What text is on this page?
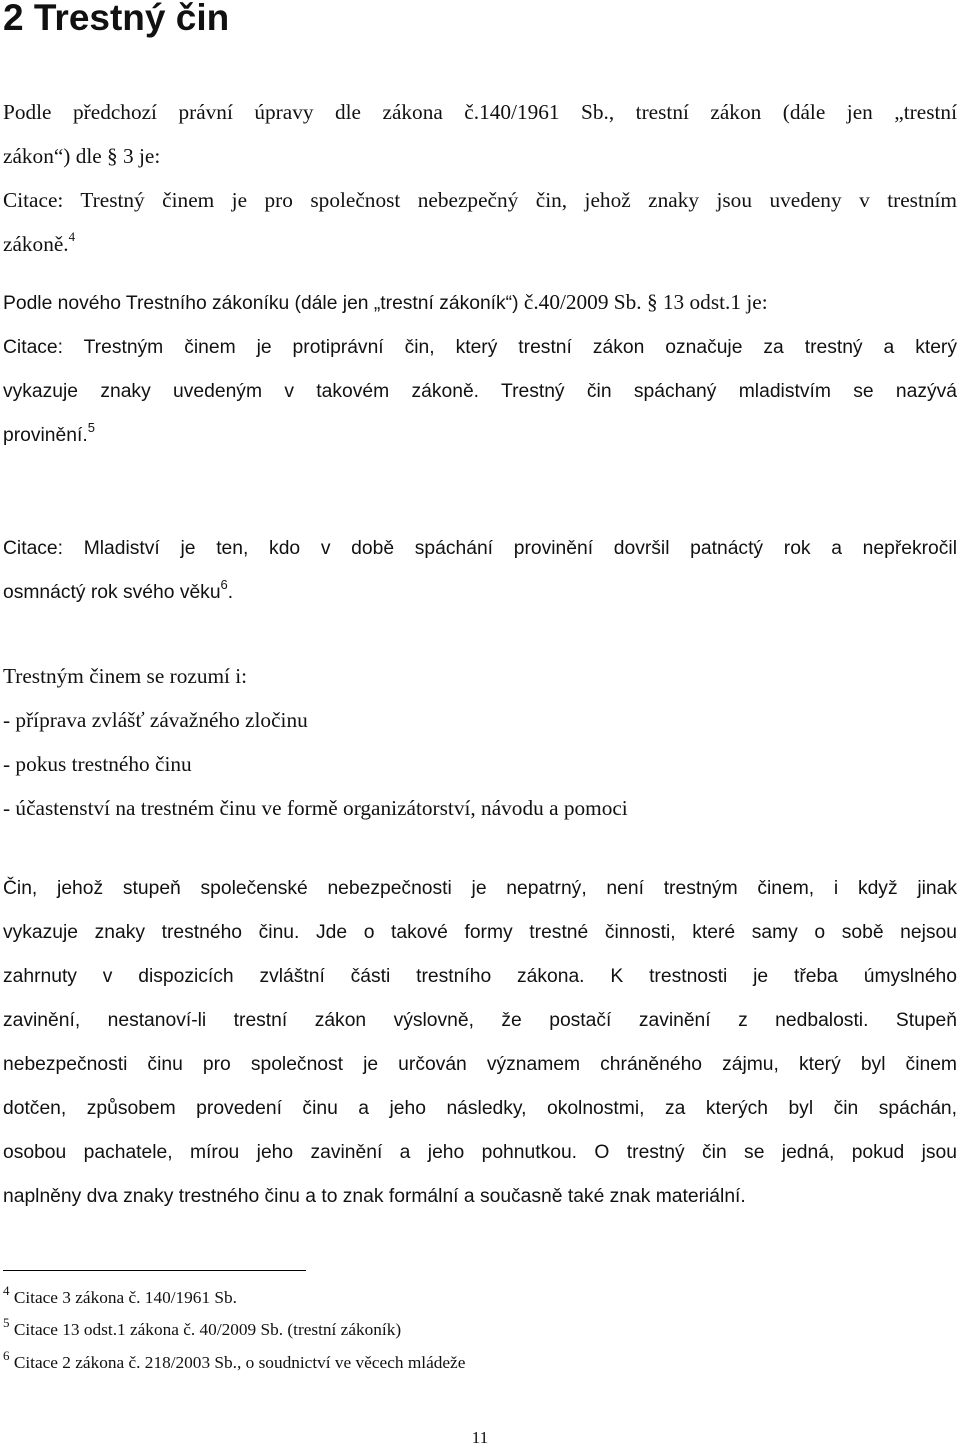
2 Trestný čin
Podle předchozí právní úpravy dle zákona č.140/1961 Sb., trestní zákon (dále jen „trestní
zákon“) dle § 3 je:
Citace: Trestný činem je pro společnost nebezpečný čin, jehož znaky jsou uvedeny v trestním
zákoně.$^4$
Podle nového Trestního zákoníku (dále jen „trestní zákoník“) č.40/2009 Sb. § 13 odst.1 je:
Citace: Trestným činem je protiprávní čin, který trestní zákon označuje za trestný a který
vykazuje znaky uvedeným v takovém zákoně. Trestný čin spáchaný mladistvím se nazývá
provinění.$^5$
Citace: Mladiství je ten, kdo v době spáchání provinění dovršil patnáctý rok a nepřekročil
osmnáctý rok svého věku$^6$.
Trestným činem se rozumí i:
- příprava zvlášť závažného zločinu
- pokus trestného činu
- účastenství na trestném činu ve formě organizátorství, návodu a pomoci
Čin, jehož stupeň společenské nebezpečnosti je nepatrný, není trestným činem, i když jinak
vykazuje znaky trestného činu. Jde o takové formy trestné činnosti, které samy o sobě nejsou
zahrnuty v dispozicích zvláštní části trestního zákona. K trestnosti je třeba úmyslného
zavinění, nestanoví-li trestní zákon výslovně, že postačí zavinění z nedbalosti. Stupeň
nebezpečnosti činu pro společnost je určován významem chráněného zájmu, který byl činem
dotčen, způsobem provedení činu a jeho následky, okolnostmi, za kterých byl čin spáchán,
osobou pachatele, mírou jeho zavinění a jeho pohnutkou. O trestný čin se jedná, pokud jsou
naplněny dva znaky trestného činu a to znak formální a současně také znak materiální.
$^4$ Citace 3 zákona č. 140/1961 Sb.
$^5$ Citace 13 odst.1 zákona č. 40/2009 Sb. (trestní zákoník)
$^6$ Citace 2 zákona č. 218/2003 Sb., o soudnictví ve věcech mládeže
11
